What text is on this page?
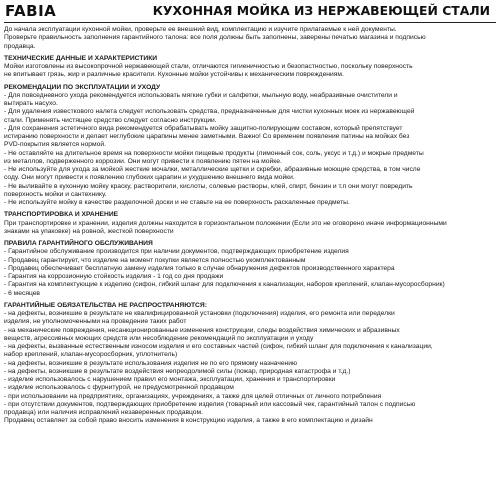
FABIA	КУХОННАЯ МОЙКА ИЗ НЕРЖАВЕЮЩЕЙ СТАЛИ

До начала эксплуатации кухонной мойки, проверьте ее внешний вид, комплектацию и изучите прилагаемые к ней документы.

Проверьте правильность заполнения гарантийного талона: все поля должны быть заполнены, заверены печатью магазина и подписью

продавца.

ТЕХНИЧЕСКИЕ ДАННЫЕ И ХАРАКТЕРИСТИКИ

Мойки изготовлены из высокопрочной нержавеющей стали, отличаются гигиеничностью и безопастностью, поскольку поверхность

не впитывает грязь, жир и различные красители. Кухонные мойки устойчивы к механическим повреждениям.

РЕКОМЕНДАЦИИ ПО ЭКСПЛУАТАЦИИ И УХОДУ

- Для повседневного ухода рекомендуется использовать мягкие губки и салфетки, мыльную воду, неабразивные очистители и

вытирать насухо.

- Для удаления известкового налета следует использовать средства, предназначенные для чистки кухонных моек из нержавеющей

стали. Применять чистящее средство следует согласно инструкции.

- Для сохранения эстетичного вида рекомендуется обрабатывать мойку защитно-полирующим составом, который препятствует

истиранию поверхности и делает неглубокие царапины менее заметными. Важно! Со временем появление патины на мойках без

PVD-покрытия является нормой.

- Не оставляйте на длительное время на поверхности мойки пищевые продукты (лимонный сок, соль, уксус и т.д.) и мокрые предметы

из металлов, подверженного коррозии. Они могут привести к появлению пятен на мойке.

- Не используйте для ухода за мойкой жесткие мочалки, металлические щетки и скребки, абразивные моющие средства, в том числе

соду. Они могут привести к появлению глубоких царапин и ухудшению внешнего вида мойки.

- Не выливайте в кухонную мойку краску, растворители, кислоты, солевые растворы, клей, спирт, бензин и т.п они могут повредить

поверхность мойки и сантехнику.

- Не используйте мойку в качестве разделочной доски и не ставьте на ее поверхность раскаленные предметы.

ТРАНСПОРТИРОВКА И ХРАНЕНИЕ

При транспортировке и хранении, изделия должны находится в горизонтальном положении (Если это не оговорено иначе информационными

знаками на упаковке) на ровной, жесткой поверхности

ПРАВИЛА ГАРАНТИЙНОГО ОБСЛУЖИВАНИЯ

- Гарантийное обслуживание производится при наличии документов, подтверждающих приобретение изделия

- Продавец гарантирует, что изделие на момент покупки является полностью укомплектованным

- Продавец обеспечивает бесплатную замену изделия только в случае обнаружения дефектов производственного характера

- Гарантия на коррозионную стойкость изделия - 1 год со дня продажи

- Гарантия на комплектующие к изделию (сифон, гибкий шланг для подключения к канализации, наборов креплений, клапан-мусоросборник)

- 6 месяцев

ГАРАНТИЙНЫЕ ОБЯЗАТЕЛЬСТВА НЕ РАСПРОСТРАНЯЮТСЯ:

- на дефекты, возникшие в результате не квалифицированной установки (подключения) изделия, его ремонта или переделки

изделия, не уполномоченными на проведение таких работ

- на механические повреждения, несанкционированные изменения конструкции, следы воздействия химических и абразивных

веществ, агрессивных моющих средств или несоблюдение рекомендаций по эксплуатации и уходу

- на дефекты, вызванные естественным износом изделия и его составных частей (сифон, гибкий шланг для подключения к канализации,

набор креплений, клапан-мусоросборник, уплотнитель)

- на дефекты, возникшие в результате использования изделия не по его прямому назначению

- на дефекты, возникшие в результате воздействия непреодолимой силы (пожар, природная катастрофа и т.д.)

- изделие использовалось с нарушением правил его монтажа, эксплуатации, хранения и транспортировки

- изделие использовалось с фурнитурой, не предусмотренной продавцом

- при использовании на предприятиях, организациях, учреждениях, а также для целей отличных от личного потребления

- при отсутствии документов, подтверждающих приобретение изделия (товарный или кассовый чек, гарантийный талон с подписью

продавца) или наличия исправлений незаверенных продавцом.

Продавец оставляет за собой право вносить изменения в конструкцию изделия, а также в его комплектацию и дизайн
